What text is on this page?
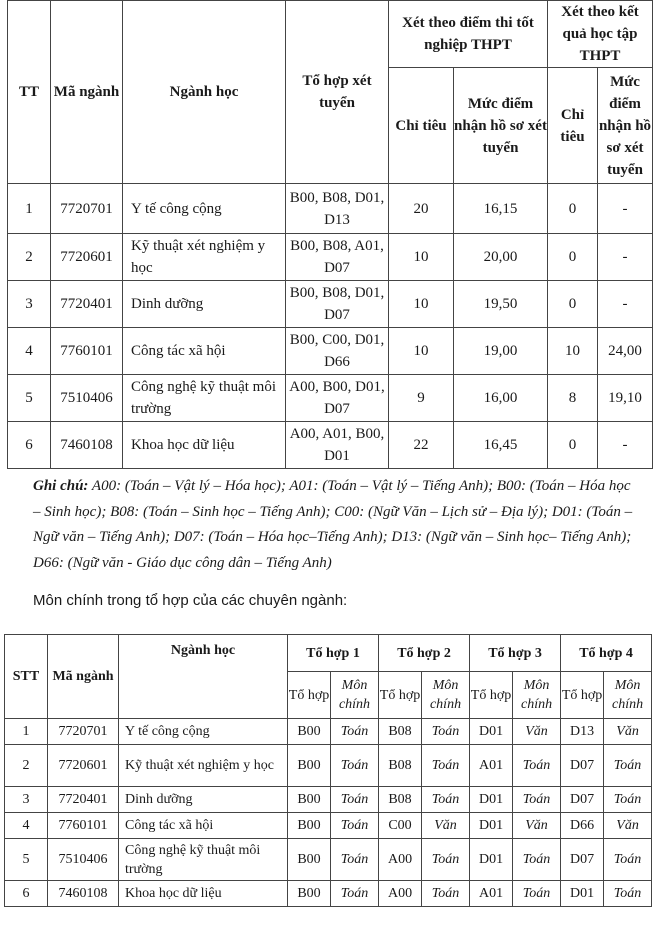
TT	Mã ngành	Ngành học	Tổ hợp xét tuyển	Xét theo điểm thi tốt nghiệp THPT		Xét theo kết quả học tập THPT	
				Chỉ tiêu	Mức điểm nhận hồ sơ xét tuyển	Chỉ tiêu	Mức điểm nhận hồ sơ xét tuyển
1	7720701	Y tế công cộng	B00, B08, D01, D13	20	16,15	0	-
2	7720601	Kỹ thuật xét nghiệm y học	B00, B08, A01, D07	10	20,00	0	-
3	7720401	Dinh dưỡng	B00, B08, D01, D07	10	19,50	0	-
4	7760101	Công tác xã hội	B00, C00, D01, D66	10	19,00	10	24,00
5	7510406	Công nghệ kỹ thuật môi trường	A00, B00, D01, D07	9	16,00	8	19,10
6	7460108	Khoa học dữ liệu	A00, A01, B00, D01	22	16,45	0	-

Ghi chú: A00: (Toán – Vật lý – Hóa học); A01: (Toán – Vật lý – Tiếng Anh); B00: (Toán – Hóa học – Sinh học); B08: (Toán – Sinh học – Tiếng Anh); C00: (Ngữ Văn – Lịch sử – Địa lý); D01: (Toán – Ngữ văn – Tiếng Anh); D07: (Toán – Hóa học–Tiếng Anh); D13: (Ngữ văn – Sinh học– Tiếng Anh); D66: (Ngữ văn - Giáo dục công dân – Tiếng Anh)

Môn chính trong tổ hợp của các chuyên ngành:
STT	Mã ngành	Ngành học	Tổ hợp 1		Tổ hợp 2		Tổ hợp 3		Tổ hợp 4	
			Tổ hợp	Môn chính	Tổ hợp	Môn chính	Tổ hợp	Môn chính	Tổ hợp	Môn chính
1	7720701	Y tế công cộng	B00	Toán	B08	Toán	D01	Văn	D13	Văn
2	7720601	Kỹ thuật xét nghiệm y học	B00	Toán	B08	Toán	A01	Toán	D07	Toán
3	7720401	Dinh dưỡng	B00	Toán	B08	Toán	D01	Toán	D07	Toán
4	7760101	Công tác xã hội	B00	Toán	C00	Văn	D01	Văn	D66	Văn
5	7510406	Công nghệ kỹ thuật môi trường	B00	Toán	A00	Toán	D01	Toán	D07	Toán
6	7460108	Khoa học dữ liệu	B00	Toán	A00	Toán	A01	Toán	D01	Toán
